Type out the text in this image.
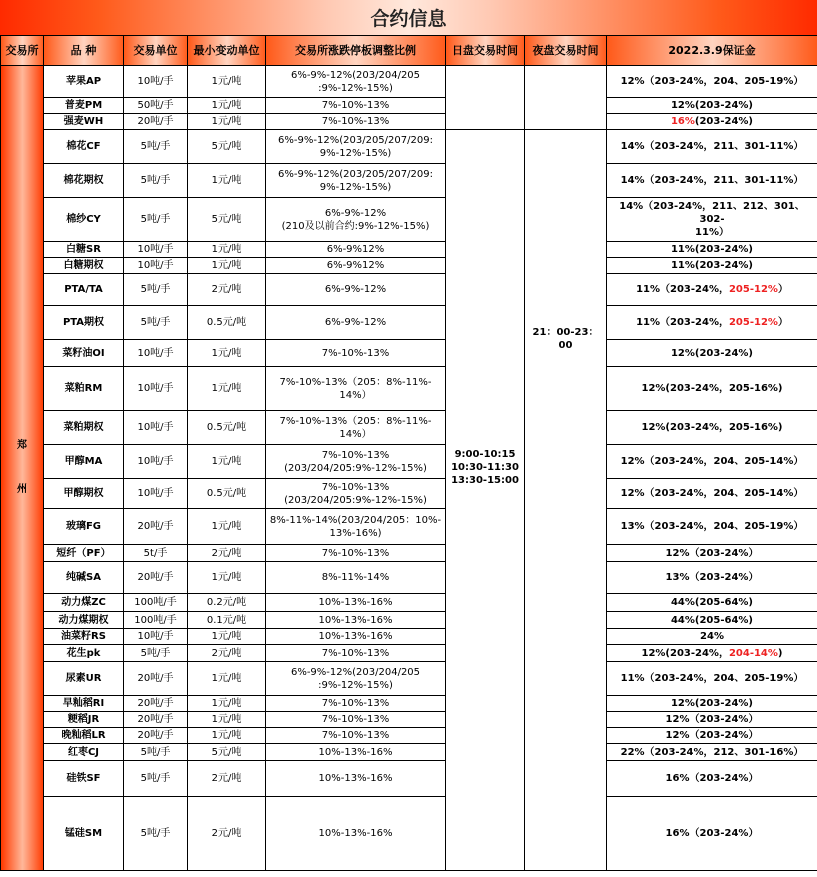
合约信息
交易所	品 种	交易单位	最小变动单位	交易所涨跌停板调整比例	日盘交易时间	夜盘交易时间	2022.3.9保证金

郑
州	苹果AP	10吨/手	1元/吨	6%-9%-12%(203/204/205
:9%-12%-15%)			12%（203-24%，204、205-19%）
	普麦PM	50吨/手	1元/吨	7%-10%-13%			12%(203-24%)
	强麦WH	20吨/手	1元/吨	7%-10%-13%			16%(203-24%)
	棉花CF	5吨/手	5元/吨	6%-9%-12%(203/205/207/209:
9%-12%-15%)	9:00-10:15
10:30-11:30
13:30-15:00	21：00-23：00	14%（203-24%，211、301-11%）
	棉花期权	5吨/手	1元/吨	6%-9%-12%(203/205/207/209:
9%-12%-15%)			14%（203-24%，211、301-11%）
	棉纱CY	5吨/手	5元/吨	6%-9%-12%
(210及以前合约:9%-12%-15%)			14%（203-24%，211、212、301、302-
11%）
	白糖SR	10吨/手	1元/吨	6%-9%12%			11%(203-24%)
	白糖期权	10吨/手	1元/吨	6%-9%12%			11%(203-24%)
	PTA/TA	5吨/手	2元/吨	6%-9%-12%			11%（203-24%，205-12%）
	PTA期权	5吨/手	0.5元/吨	6%-9%-12%			11%（203-24%，205-12%）
	菜籽油OI	10吨/手	1元/吨	7%-10%-13%			12%(203-24%)
	菜粕RM	10吨/手	1元/吨	7%-10%-13%（205：8%-11%-
14%）			12%(203-24%，205-16%)
	菜粕期权	10吨/手	0.5元/吨	7%-10%-13%（205：8%-11%-
14%）			12%(203-24%，205-16%)
	甲醇MA	10吨/手	1元/吨	7%-10%-13%
(203/204/205:9%-12%-15%)			12%（203-24%，204、205-14%）
	甲醇期权	10吨/手	0.5元/吨	7%-10%-13%
(203/204/205:9%-12%-15%)			12%（203-24%，204、205-14%）
	玻璃FG	20吨/手	1元/吨	8%-11%-14%(203/204/205：10%-
13%-16%)			13%（203-24%，204、205-19%）
	短纤（PF）	5t/手	2元/吨	7%-10%-13%			12%（203-24%）
	纯碱SA	20吨/手	1元/吨	8%-11%-14%			13%（203-24%）
	动力煤ZC	100吨/手	0.2元/吨	10%-13%-16%			44%(205-64%)
	动力煤期权	100吨/手	0.1元/吨	10%-13%-16%			44%(205-64%)
	油菜籽RS	10吨/手	1元/吨	10%-13%-16%			24%
	花生pk	5吨/手	2元/吨	7%-10%-13%			12%(203-24%，204-14%)
	尿素UR	20吨/手	1元/吨	6%-9%-12%(203/204/205
:9%-12%-15%)			11%（203-24%，204、205-19%）
	早籼稻RI	20吨/手	1元/吨	7%-10%-13%			12%(203-24%)
	粳稻JR	20吨/手	1元/吨	7%-10%-13%			12%（203-24%）
	晚籼稻LR	20吨/手	1元/吨	7%-10%-13%			12%（203-24%）
	红枣CJ	5吨/手	5元/吨	10%-13%-16%			22%（203-24%，212、301-16%）
	硅铁SF	5吨/手	2元/吨	10%-13%-16%			16%（203-24%）
	锰硅SM	5吨/手	2元/吨	10%-13%-16%			16%（203-24%）
